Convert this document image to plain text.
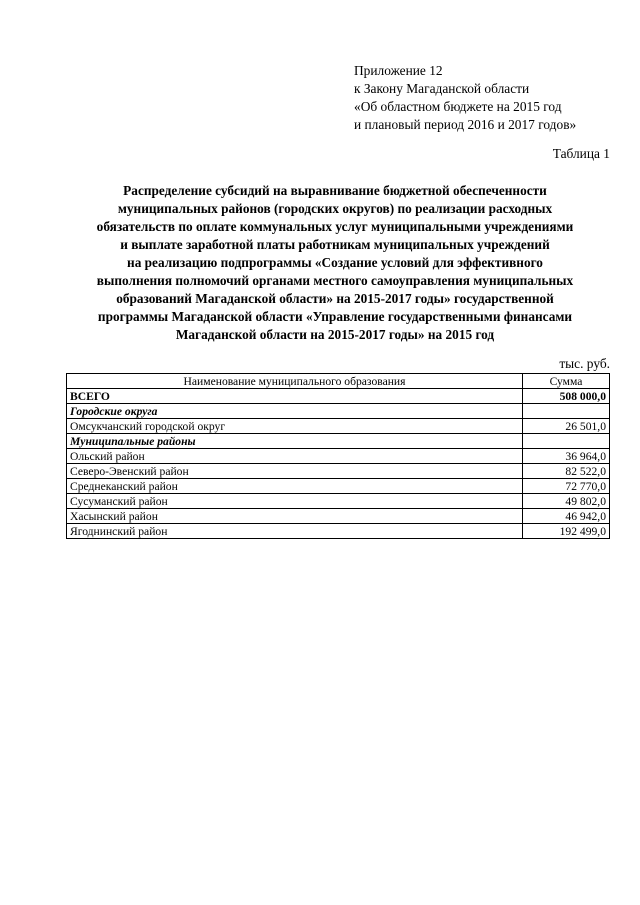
Приложение 12
к Закону Магаданской области
«Об областном бюджете на 2015 год
и плановый период 2016 и 2017 годов»
Таблица 1
Распределение субсидий на выравнивание бюджетной обеспеченности
муниципальных районов (городских округов) по реализации расходных
обязательств по оплате коммунальных услуг муниципальными учреждениями
и выплате заработной платы работникам муниципальных учреждений
на реализацию подпрограммы «Создание условий для эффективного
выполнения полномочий органами местного самоуправления муниципальных
образований Магаданской области» на 2015-2017 годы» государственной
программы Магаданской области «Управление государственными финансами
Магаданской области на 2015-2017 годы» на 2015 год
тыс. руб.
Наименование муниципального образования	Сумма
ВСЕГО	508 000,0
Городские округа	
Омсукчанский городской округ	26 501,0
Муниципальные районы	
Ольский район	36 964,0
Северо-Эвенский район	82 522,0
Среднеканский район	72 770,0
Сусуманский район	49 802,0
Хасынский район	46 942,0
Ягоднинский район	192 499,0
